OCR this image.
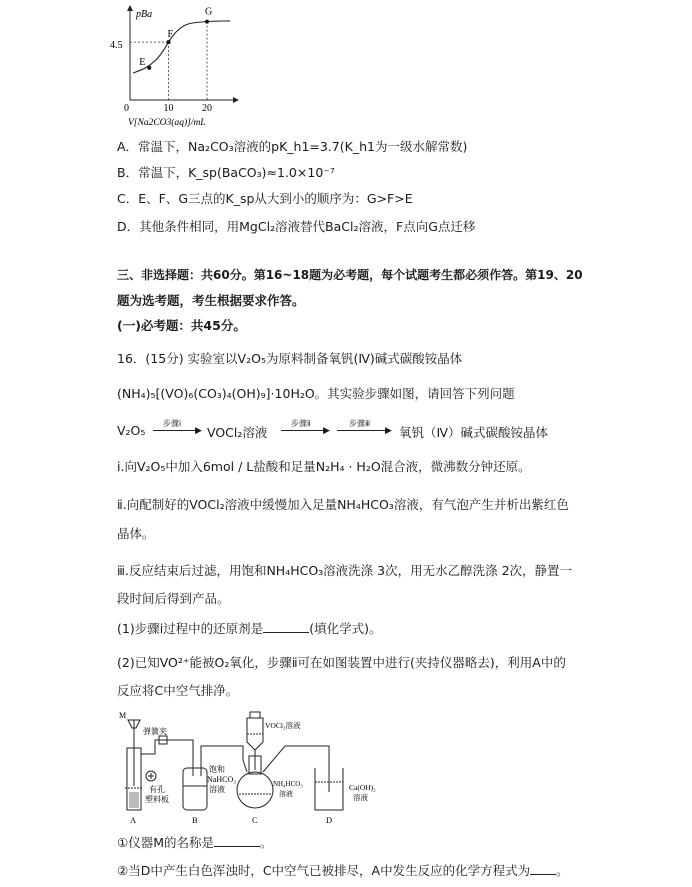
E
F
G
pBa
4.5
0	10	20
V[Na2CO3(aq)]/mL
A．常温下，Na₂CO₃溶液的pK_h1=3.7(K_h1为一级水解常数)
B．常温下，K_sp(BaCO₃)≈1.0×10⁻⁷
C．E、F、G三点的K_sp从大到小的顺序为：G>F>E
D．其他条件相同，用MgCl₂溶液替代BaCl₂溶液，F点向G点迁移
三、非选择题：共60分。第16~18题为必考题，每个试题考生都必须作答。第19、20
题为选考题，考生根据要求作答。
(一)必考题：共45分。
16．(15分) 实验室以V₂O₅为原料制备氧钒(Ⅳ)碱式碳酸铵晶体
(NH₄)₅[(VO)₆(CO₃)₄(OH)₉]·10H₂O。其实验步骤如图，请回答下列问题
V₂O₅ 步骤ⅰ
▶ VOCl₂溶液
步骤ⅱ
▶
步骤ⅲ
▶ 氧钒（Ⅳ）碱式碳酸铵晶体
ⅰ.向V₂O₅中加入6mol / L盐酸和足量N₂H₄ · H₂O混合液，微沸数分钟还原。
ⅱ.向配制好的VOCl₂溶液中缓慢加入足量NH₄HCO₃溶液，有气泡产生并析出紫红色
晶体。
ⅲ.反应结束后过滤，用饱和NH₄HCO₃溶液洗涤 3次，用无水乙醇洗涤 2次，静置一
段时间后得到产品。
(1)步骤ⅰ过程中的还原剂是	(填化学式)。
(2)已知VO²⁺能被O₂氧化，步骤ⅱ可在如图装置中进行(夹持仪器略去)，利用A中的
反应将C中空气排净。
M
弹簧夹
有孔
塑料板
VOCl₂溶液
饱和
NaHCO₃
溶液
NH₄HCO₃
溶液
Ca(OH)₂
溶液
A	B	C	D
①仪器M的名称是	。
②当D中产生白色浑浊时，C中空气已被排尽，A中发生反应的化学方程式为 。
